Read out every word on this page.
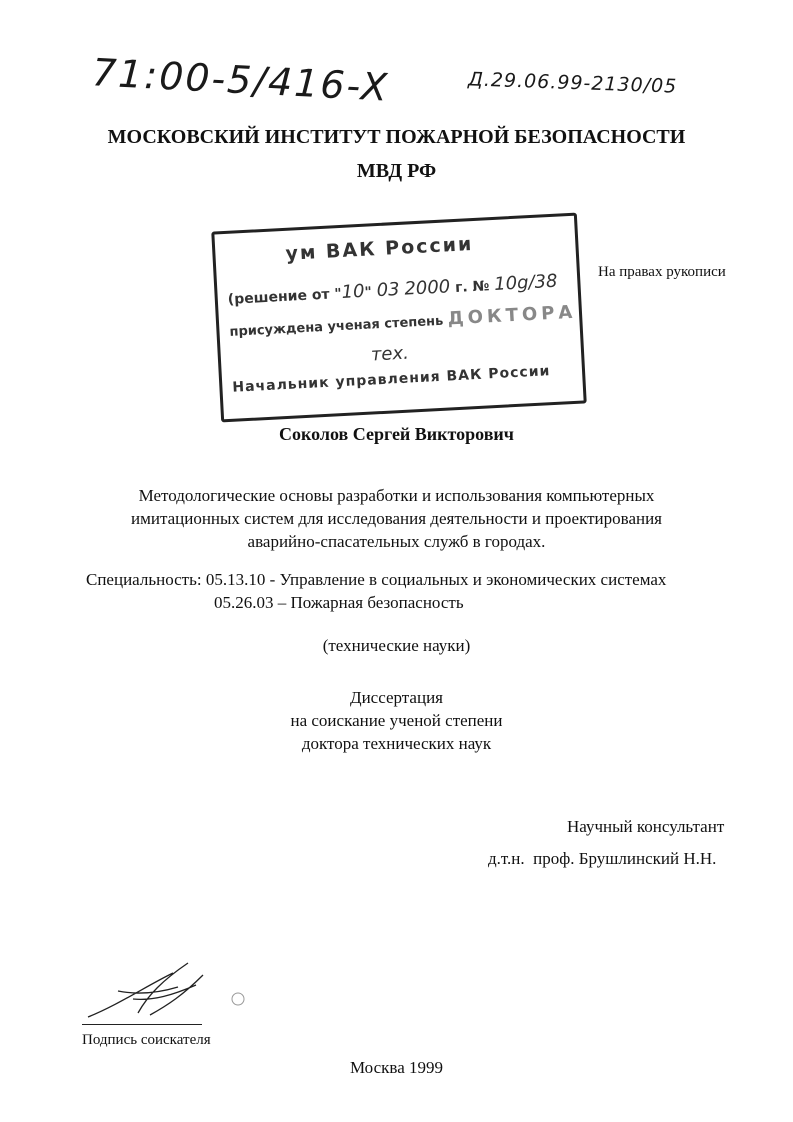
71:00-5/416-X	Д.29.06.99-2130/05
МОСКОВСКИЙ ИНСТИТУТ ПОЖАРНОЙ БЕЗОПАСНОСТИ
МВД РФ
На правах рукописи
ум ВАК России
(решение от "10" 03 2000 г. № 10g/38
присуждена ученая степень ДОКТОРА
тех.
Начальник управления ВАК России
Соколов Сергей Викторович
Методологические основы разработки и использования компьютерных
имитационных систем для исследования деятельности и проектирования
аварийно-спасательных служб в городах.
Специальность: 05.13.10 - Управление в социальных и экономических системах
05.26.03 – Пожарная безопасность
(технические науки)
Диссертация
на соискание ученой степени
доктора технических наук
Научный консультант
д.т.н.  проф. Брушлинский Н.Н.
Подпись соискателя
Москва 1999
